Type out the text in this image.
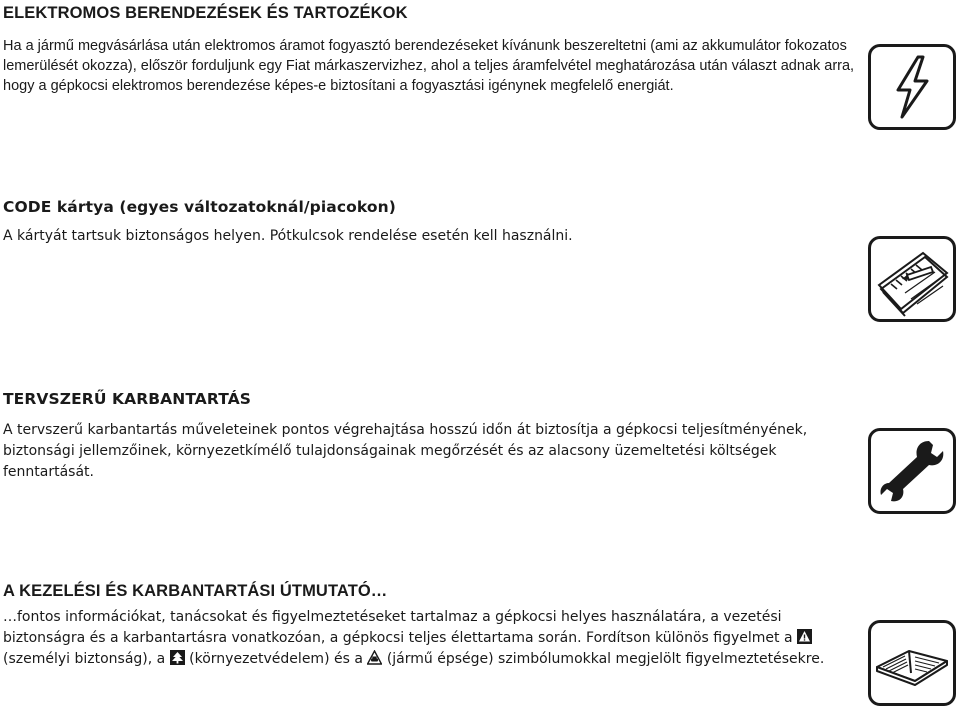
ELEKTROMOS BERENDEZÉSEK ÉS TARTOZÉKOK

Ha a jármű megvásárlása után elektromos áramot fogyasztó berendezéseket kívánunk beszereltetni (ami az akkumulátor fokozatos lemerülését okozza), először forduljunk egy Fiat márkaszervizhez, ahol a teljes áramfelvétel meghatározása után választ adnak arra, hogy a gépkocsi elektromos berendezése képes-e biztosítani a fogyasztási igénynek megfelelő energiát.

CODE kártya (egyes változatoknál/piacokon)

A kártyát tartsuk biztonságos helyen. Pótkulcsok rendelése esetén kell használni.

TERVSZERŰ KARBANTARTÁS

A tervszerű karbantartás műveleteinek pontos végrehajtása hosszú időn át biztosítja a gépkocsi teljesítményének, biztonsági jellemzőinek, környezetkímélő tulajdonságainak megőrzését és az alacsony üzemeltetési költségek fenntartását.

A KEZELÉSI ÉS KARBANTARTÁSI ÚTMUTATÓ…

…fontos információkat, tanácsokat és figyelmeztetéseket tartalmaz a gépkocsi helyes használatára, a vezetési biztonságra és a karbantartásra vonatkozóan, a gépkocsi teljes élettartama során. Fordítson különös figyelmet a  (személyi biztonság), a (környezetvédelem) és a (jármű épsége) szimbólumokkal megjelölt figyelmeztetésekre.
